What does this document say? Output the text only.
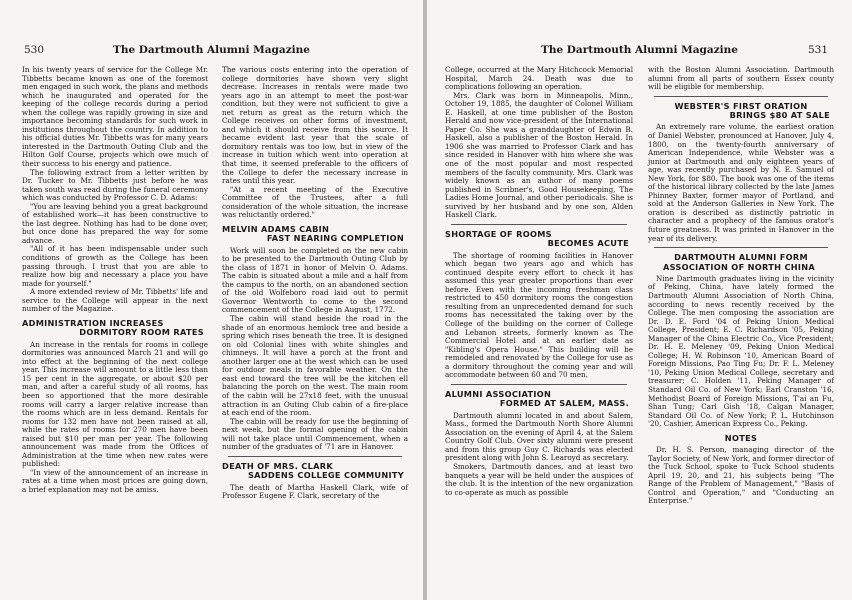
530	The Dartmouth Alumni Magazine

In his twenty years of service for the College Mr. Tibbetts became known as one of the foremost men engaged in such work, the plans and methods which he inaugurated and operated for the keeping of the college records during a period when the college was rapidly growing in size and importance becoming standards for such work in institutions throughout the country. In addition to his official duties Mr. Tibbetts was for many years interested in the Dartmouth Outing Club and the Hilton Golf Course, projects which owe much of their success to his energy and patience.

The following extract from a letter written by Dr. Tucker to Mr. Tibbetts just before he was taken south was read during the funeral ceremony which was conducted by Professor C. D. Adams:

"You are leaving behind you a great background of established work—it has been constructive to the last degree. Nothing has had to be done over, but once done has prepared the way for some advance.

"All of it has been indispensable under such conditions of growth as the College has been passing through. I trust that you are able to realize how big and necessary a place you have made for yourself."

A more extended review of Mr. Tibbetts' life and service to the College will appear in the next number of the Magazine.

ADMINISTRATION INCREASES
DORMITORY ROOM RATES

An increase in the rentals for rooms in college dormitories was announced March 21 and will go into effect at the beginning of the next college year. This increase will amount to a little less than 15 per cent in the aggregate, or about $20 per man, and after a careful study of all rooms, has been so apportioned that the more desirable rooms will carry a larger relative increase than the rooms which are in less demand. Rentals for rooms for 132 men have not been raised at all, while the rates of rooms for 270 men have been raised but $10 per man per year. The following announcement was made from the Offices of Administration at the time when new rates were published:

"In view of the announcement of an increase in rates at a time when most prices are going down, a brief explanation may not be amiss.

The various costs entering into the operation of college dormitories have shown very slight decrease. Increases in rentals were made two years ago in an attempt to meet the post-war condition, but they were not sufficient to give a net return as great as the return which the College receives on other forms of investment, and which it should receive from this source. It became evident last year that the scale of dormitory rentals was too low, but in view of the increase in tuition which went into operation at that time, it seemed preferable to the officers of the College to defer the necessary increase in rates until this year.

"At a recent meeting of the Executive Committee of the Trustees, after a full consideration of the whole situation, the increase was reluctantly ordered."

MELVIN ADAMS CABIN
FAST NEARING COMPLETION

Work will soon be completed on the new cabin to be presented to the Dartmouth Outing Club by the class of 1871 in honor of Melvin O. Adams. The cabin is situated about a mile and a half from the campus to the north, on an abandoned section of the old Wolfeboro road laid out to permit Governor Wentworth to come to the second commencement of the College in August, 1772.

The cabin will stand beside the road in the shade of an enormous hemlock tree and beside a spring which rises beneath the tree. It is designed on old Colonial lines with white shingles and chimneys. It will have a porch at the front and another larger one at the west which can be used for outdoor meals in favorable weather. On the east end toward the tree will be the kitchen ell balancing the porch on the west. The main room of the cabin will be 27x18 feet, with the unusual attraction in an Outing Club cabin of a fire-place at each end of the room.

The cabin will be ready for use the beginning of next week, but the formal opening of the cabin will not take place until Commencement, when a number of the graduates of '71 are in Hanover.

DEATH OF MRS. CLARK
SADDENS COLLEGE COMMUNITY

The death of Martha Haskell Clark, wife of Professor Eugene F. Clark, secretary of the

The Dartmouth Alumni Magazine	531

College, occurred at the Mary Hitchcock Memorial Hospital, March 24. Death was due to complications following an operation.

Mrs. Clark was born in Minneapolis, Minn., October 19, 1885, the daughter of Colonel William E. Haskell, at one time publisher of the Boston Herald and now vice-president of the International Paper Co. She was a granddaughter of Edwin B. Haskell, also a publisher of the Boston Herald. In 1906 she was married to Professor Clark and has since resided in Hanover with him where she was one of the most popular and most respected members of the faculty community. Mrs. Clark was widely known as an author of many poems published in Scribner's, Good Housekeeping, The Ladies Home Journal, and other periodicals. She is survived by her husband and by one son, Alden Haskell Clark.

SHORTAGE OF ROOMS
BECOMES ACUTE

The shortage of rooming facilities in Hanover which began two years ago and which has continued despite every effort to check it has assumed this year greater proportions than ever before. Even with the incoming freshman class restricted to 450 dormitory rooms the congestion resulting from an unprecedented demand for such rooms has necessitated the taking over by the College of the building on the corner of College and Lebanon streets, formerly known as The Commercial Hotel and at an earlier date as "Kibling's Opera House." This building will be remodeled and renovated by the College for use as a dormitory throughout the coming year and will accommodate between 60 and 70 men.

ALUMNI ASSOCIATION
FORMED AT SALEM, MASS.

Dartmouth alumni located in and about Salem, Mass., formed the Dartmouth North Shore Alumni Association on the evening of April 4, at the Salem Country Golf Club. Over sixty alumni were present and from this group Guy C. Richards was elected president along with John S. Learoyd as secretary.

Smokers, Dartmouth dances, and at least two banquets a year will be held under the auspices of the club. It is the intention of the new organization to co-operate as much as possible

with the Boston Alumni Association. Dartmouth alumni from all parts of southern Essex county will be eligible for membership.

WEBSTER'S FIRST ORATION
BRINGS $80 AT SALE

An extremely rare volume, the earliest oration of Daniel Webster, pronounced at Hanover, July 4, 1800, on the twenty-fourth anniversary of American Independence, while Webster was a junior at Dartmouth and only eighteen years of age, was recently purchased by N. E. Samuel of New York, for $80. The book was one of the items of the historical library collected by the late James Phinney Baxter, former mayor of Portland, and sold at the Anderson Galleries in New York. The oration is described as distinctly patriotic in character and a prophecy of the famous orator's future greatness. It was printed in Hanover in the year of its delivery.

DARTMOUTH ALUMNI FORM
ASSOCIATION OF NORTH CHINA

Nine Dartmouth graduates living in the vicinity of Peking, China, have lately formed the Dartmouth Alumni Association of North China, according to news recently received by the College. The men composing the association are Dr. D. E. Ford '04 of Peking Union Medical College, President; E. C. Richardson '05, Peking Manager of the China Electric Co., Vice President; Dr. H. E. Meleney '09, Peking Union Medical College; H. W. Robinson '10, American Board of Foreign Missions, Pao Ting Fu; Dr. F. L. Meleney '10, Peking Union Medical College, secretary and treasurer; C. Holden '11, Peking Manager of Standard Oil Co. of New York; Earl Cranston '16, Methodist Board of Foreign Missions, T'ai an Fu, Shan Tung; Carl Gish '18, Calgan Manager, Standard Oil Co. of New York; P. L. Hutchinson '20, Cashier, American Express Co., Peking.

NOTES

Dr. H. S. Person, managing director of the Taylor Society, of New York, and former director of the Tuck School, spoke to Tuck School students April 19, 20, and 21, his subjects being "The Range of the Problem of Management," "Basis of Control and Operation," and "Conducting an Enterprise."
